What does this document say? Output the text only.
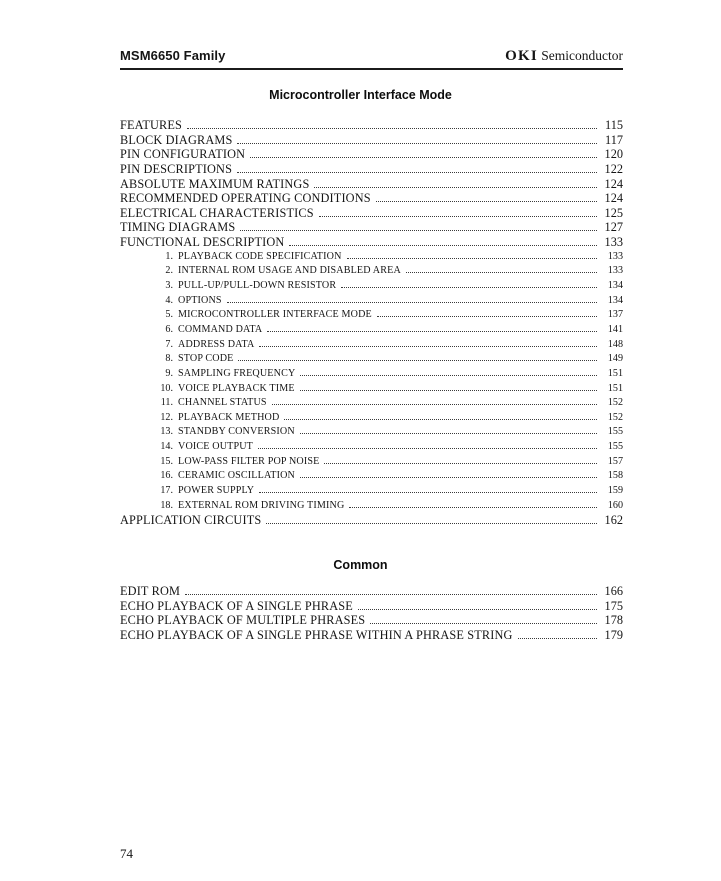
MSM6650 Family	OKI Semiconductor
Microcontroller Interface Mode
FEATURES	115
BLOCK DIAGRAMS	117
PIN CONFIGURATION	120
PIN DESCRIPTIONS	122
ABSOLUTE MAXIMUM RATINGS	124
RECOMMENDED OPERATING CONDITIONS	124
ELECTRICAL CHARACTERISTICS	125
TIMING DIAGRAMS	127
FUNCTIONAL DESCRIPTION	133
1. PLAYBACK CODE SPECIFICATION	133
2. INTERNAL ROM USAGE AND DISABLED AREA	133
3. PULL-UP/PULL-DOWN RESISTOR	134
4. OPTIONS	134
5. MICROCONTROLLER INTERFACE MODE	137
6. COMMAND DATA	141
7. ADDRESS DATA	148
8. STOP CODE	149
9. SAMPLING FREQUENCY	151
10. VOICE PLAYBACK TIME	151
11. CHANNEL STATUS	152
12. PLAYBACK METHOD	152
13. STANDBY CONVERSION	155
14. VOICE OUTPUT	155
15. LOW-PASS FILTER POP NOISE	157
16. CERAMIC OSCILLATION	158
17. POWER SUPPLY	159
18. EXTERNAL ROM DRIVING TIMING	160
APPLICATION CIRCUITS	162
Common
EDIT ROM	166
ECHO PLAYBACK OF A SINGLE PHRASE	175
ECHO PLAYBACK OF MULTIPLE PHRASES	178
ECHO PLAYBACK OF A SINGLE PHRASE WITHIN A PHRASE STRING	179
74
